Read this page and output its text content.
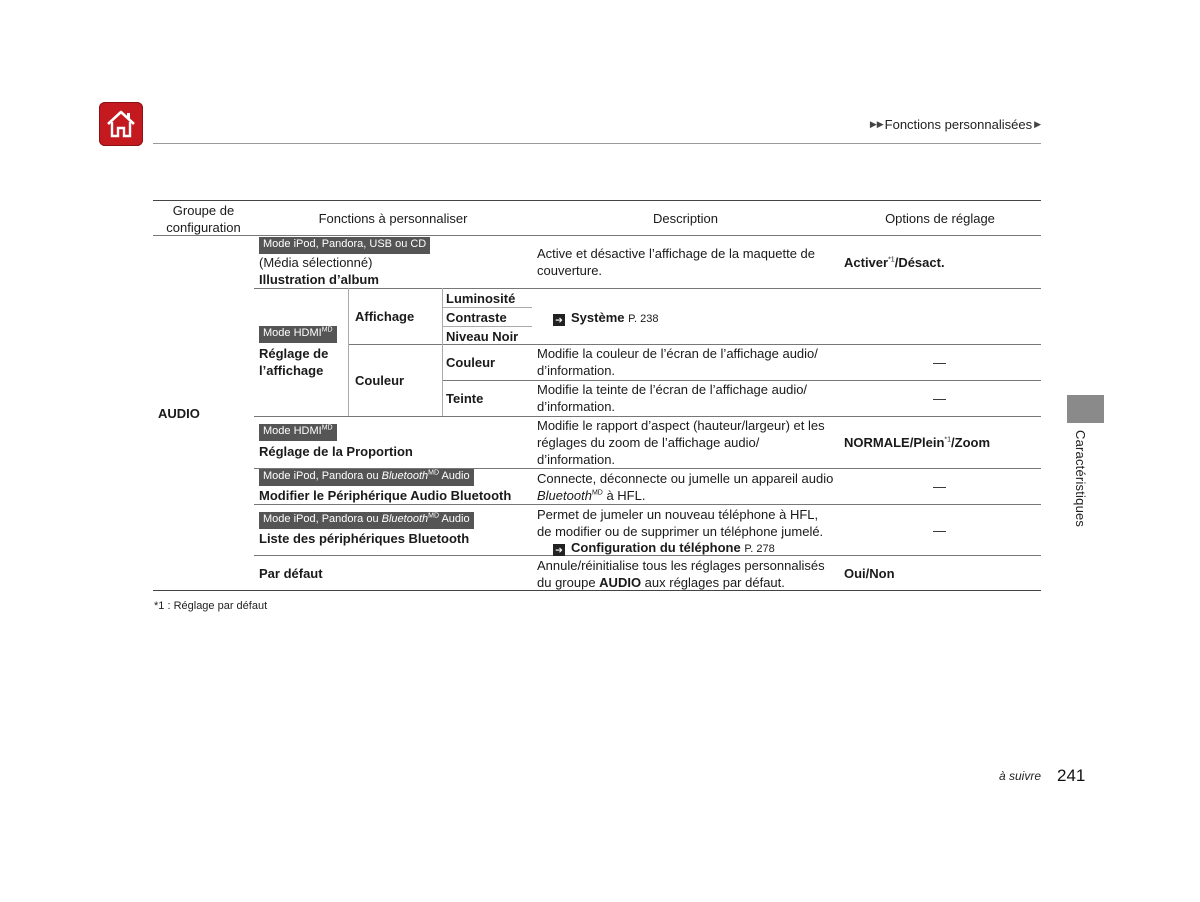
▶▶ Fonctions personnalisées ▶
Caractéristiques
Groupe de configuration
Fonctions à personnaliser	Description	Options de réglage
AUDIO
Mode iPod, Pandora, USB ou CD
(Média sélectionné)
Illustration d’album
Active et désactive l’affichage de la maquette de couverture.
Activer$^{*1}$/Désact.
Mode $HDMI^{MD}$
Réglage de l’affichage
Affichage
Couleur
Luminosité
Contraste
Niveau Noir
➔ Système P. 238
Couleur
Modifie la couleur de l’écran de l’affichage audio/ d’information.
—
Teinte
Modifie la teinte de l’écran de l’affichage audio/ d’information.
—
Mode $HDMI^{MD}$
Réglage de la Proportion
Modifie le rapport d’aspect (hauteur/largeur) et les réglages du zoom de l’affichage audio/ d’information.
NORMALE/Plein$^{*1}$/Zoom
Mode iPod, Pandora ou Bluetooth$^{MD}$ Audio
Modifier le Périphérique Audio Bluetooth
Connecte, déconnecte ou jumelle un appareil audio
Bluetooth$^{MD}$ à HFL.
—
Mode iPod, Pandora ou Bluetooth$^{MD}$ Audio
Liste des périphériques Bluetooth
Permet de jumeler un nouveau téléphone à HFL, de modifier ou de supprimer un téléphone jumelé.
➔ Configuration du téléphone P. 278
—
Par défaut
Annule/réinitialise tous les réglages personnalisés du groupe AUDIO aux réglages par défaut.
Oui/Non
*1 : Réglage par défaut
à suivre 241
